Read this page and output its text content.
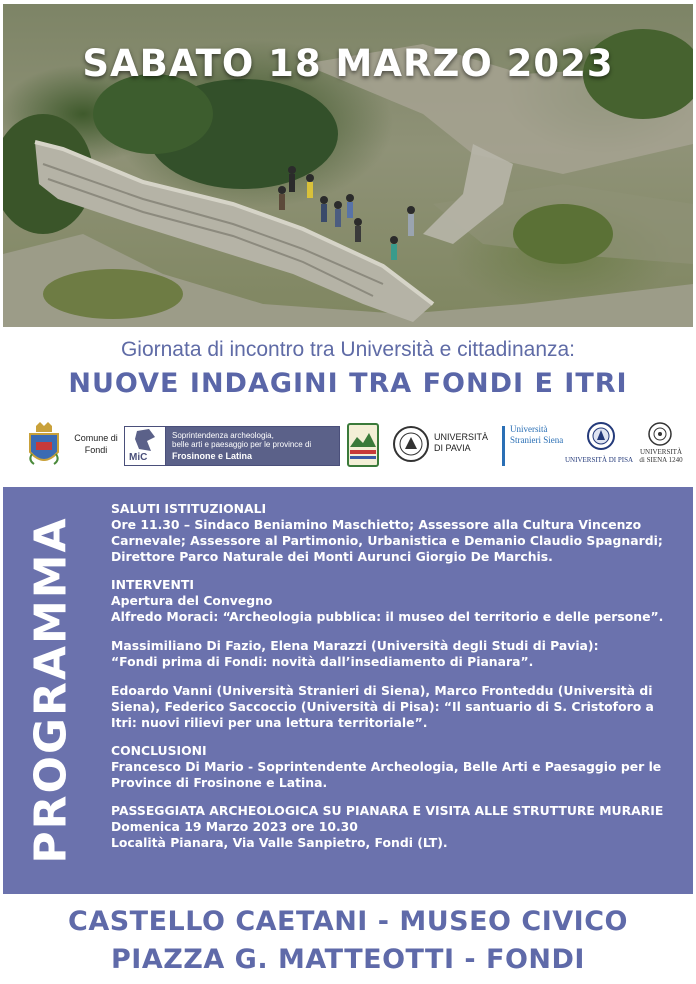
SABATO 18 MARZO 2023
Giornata di incontro tra Università e cittadinanza:
NUOVE INDAGINI TRA FONDI E ITRI
Comune di Fondi
MiC
Soprintendenza archeologia,
belle arti e paesaggio per le province di
Frosinone e Latina
UNIVERSITÀ DI PAVIA
Università Stranieri Siena
UNIVERSITÀ DI PISA
UNIVERSITÀ di SIENA 1240
PROGRAMMA
SALUTI ISTITUZIONALI
Ore 11.30 – Sindaco Beniamino Maschietto; Assessore alla Cultura Vincenzo Carnevale; Assessore al Partimonio, Urbanistica e Demanio Claudio Spagnardi; Direttore Parco Naturale dei Monti Aurunci Giorgio De Marchis.
INTERVENTI
Apertura del Convegno
Alfredo Moraci: “Archeologia pubblica: il museo del territorio e delle persone”.
Massimiliano Di Fazio, Elena Marazzi (Università degli Studi di Pavia):
“Fondi prima di Fondi: novità dall’insediamento di Pianara”.
Edoardo Vanni (Università Stranieri di Siena), Marco Fronteddu (Università di Siena), Federico Saccoccio (Università di Pisa): “Il santuario di S. Cristoforo a Itri: nuovi rilievi per una lettura territoriale”.
CONCLUSIONI
Francesco Di Mario - Soprintendente Archeologia, Belle Arti e Paesaggio per le Province di Frosinone e Latina.
PASSEGGIATA ARCHEOLOGICA SU PIANARA E VISITA ALLE STRUTTURE MURARIE
Domenica 19 Marzo 2023 ore 10.30
Località Pianara, Via Valle Sanpietro, Fondi (LT).
CASTELLO CAETANI - MUSEO CIVICO
PIAZZA G. MATTEOTTI - FONDI
